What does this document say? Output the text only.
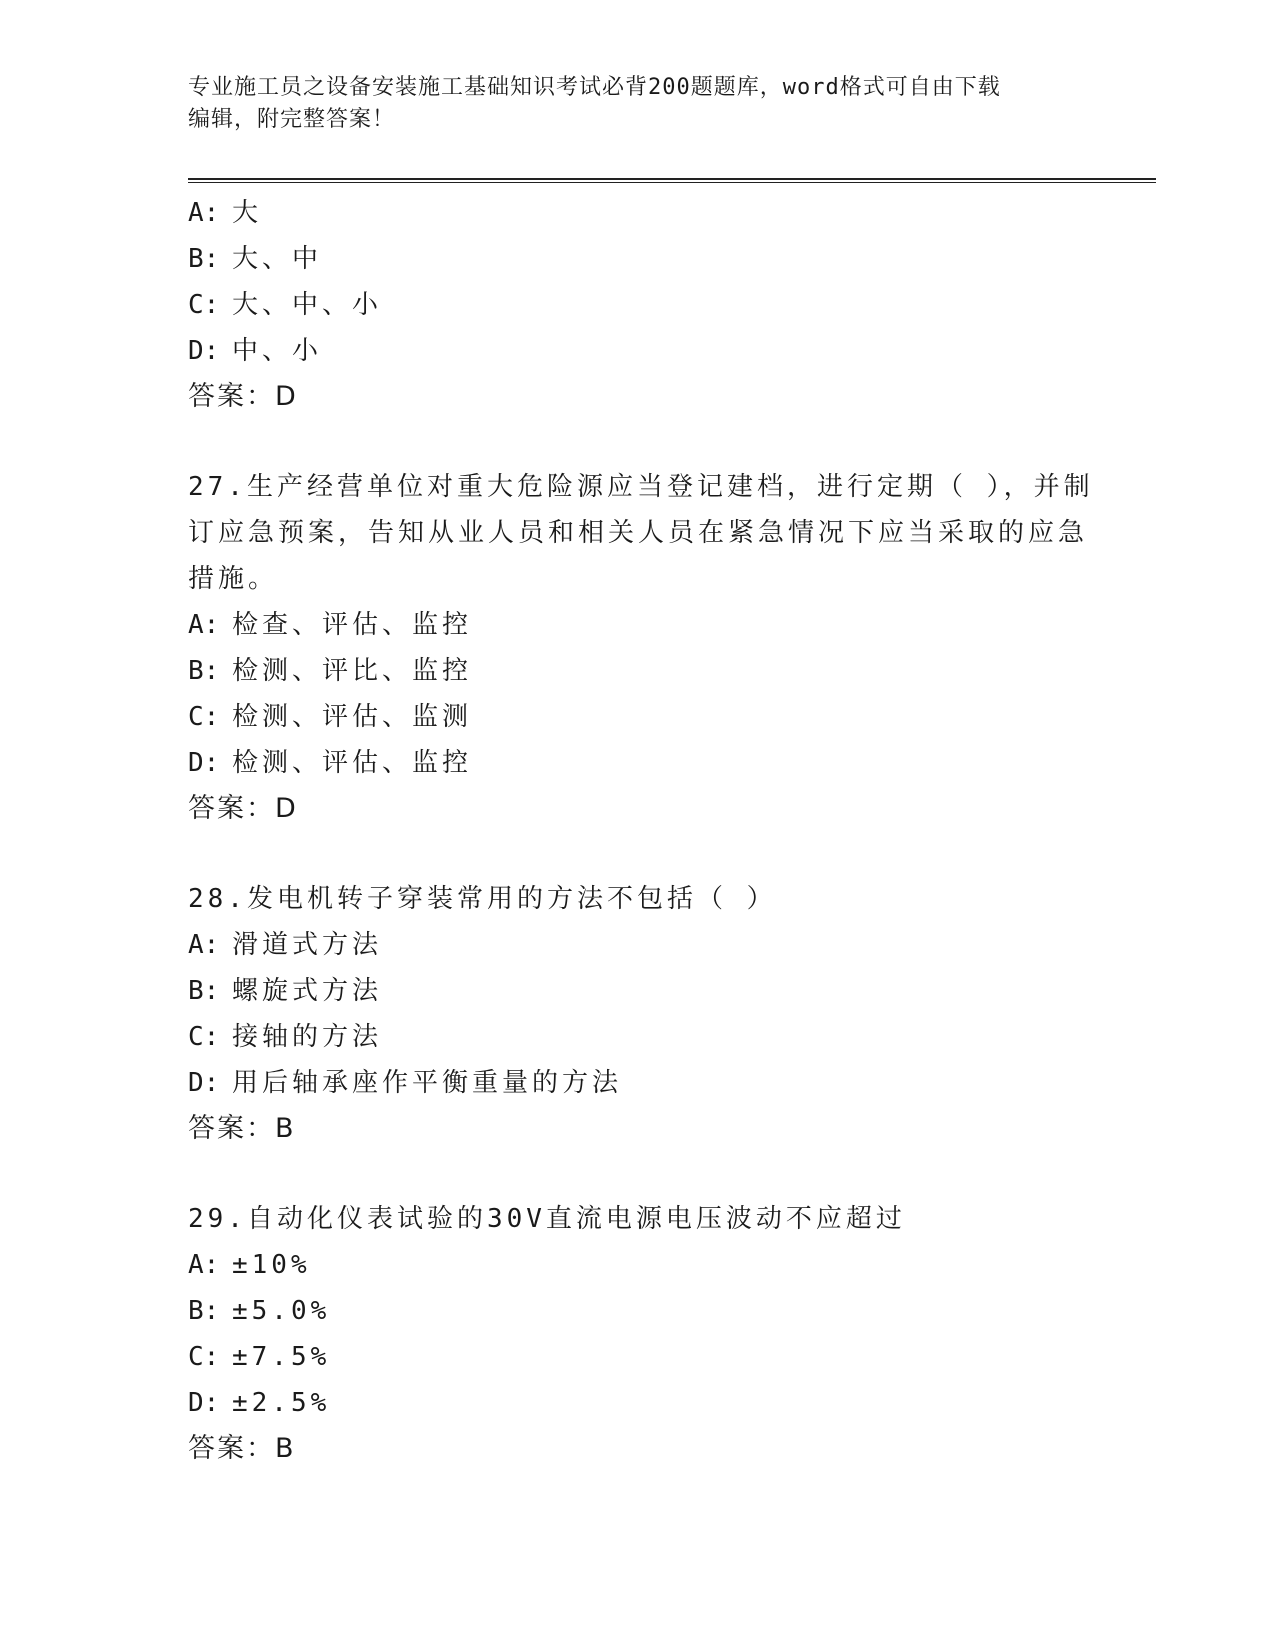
专业施工员之设备安装施工基础知识考试必背200题题库，word格式可自由下载
编辑，附完整答案！
A: 大
B: 大、中
C: 大、中、小
D: 中、小
答案：D
27.生产经营单位对重大危险源应当登记建档，进行定期（ ），并制
订应急预案，告知从业人员和相关人员在紧急情况下应当采取的应急
措施。
A: 检查、评估、监控
B: 检测、评比、监控
C: 检测、评估、监测
D: 检测、评估、监控
答案：D
28.发电机转子穿装常用的方法不包括（ ）
A: 滑道式方法
B: 螺旋式方法
C: 接轴的方法
D: 用后轴承座作平衡重量的方法
答案：B
29.自动化仪表试验的30V直流电源电压波动不应超过
A: ±10%
B: ±5.0%
C: ±7.5%
D: ±2.5%
答案：B
